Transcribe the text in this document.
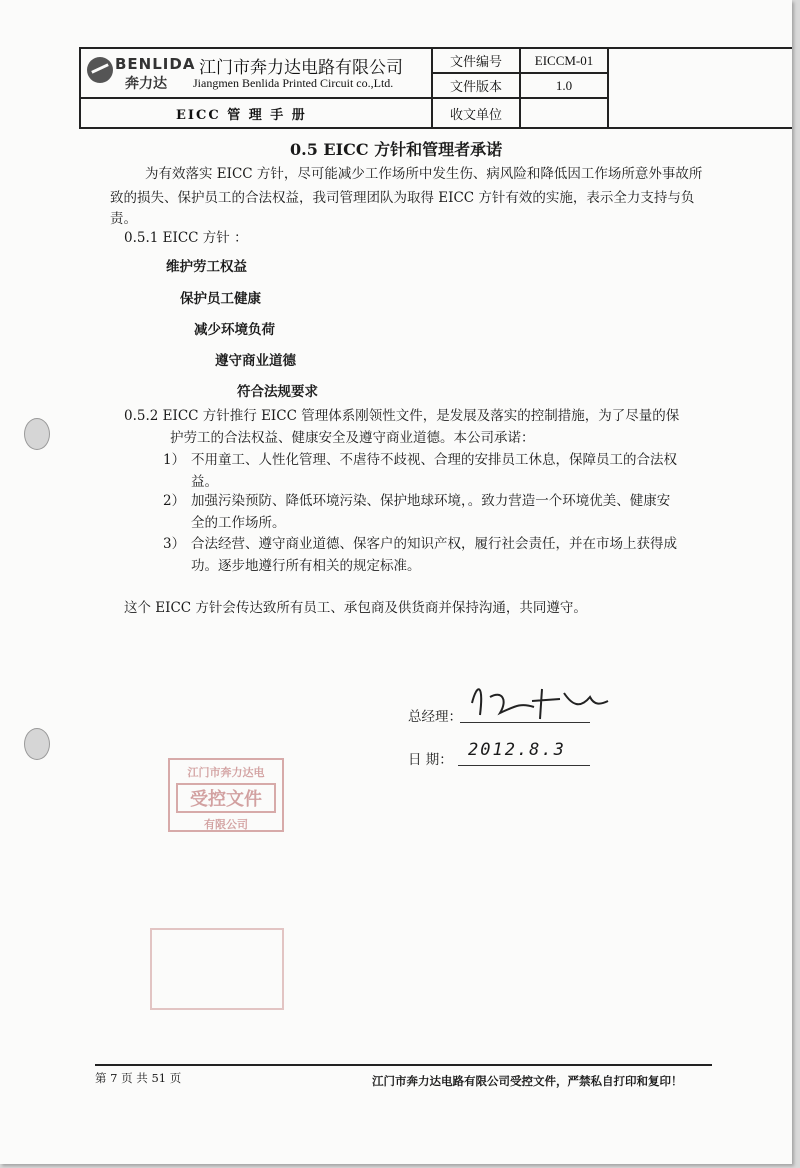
BENLIDA
奔力达
江门市奔力达电路有限公司
Jiangmen Benlida Printed Circuit co.,Ltd.	文件编号	EICCM-01	
	文件版本	1.0	
EICC 管 理 手 册	收文单位		
0.5 EICC 方针和管理者承诺
为有效落实 EICC 方针，尽可能减少工作场所中发生伤、病风险和降低因工作场所意外事故所
致的损失、保护员工的合法权益，我司管理团队为取得 EICC 方针有效的实施，表示全力支持与负
责。
0.5.1 EICC 方针 ：
维护劳工权益
保护员工健康
减少环境负荷
遵守商业道德
符合法规要求
0.5.2 EICC 方针推行 EICC 管理体系刚领性文件，是发展及落实的控制措施，为了尽量的保
护劳工的合法权益、健康安全及遵守商业道德。本公司承诺：
1） 不用童工、人性化管理、不虐待不歧视、合理的安排员工休息，保障员工的合法权
益。
2） 加强污染预防、降低环境污染、保护地球环境，。致力营造一个环境优美、健康安
全的工作场所。
3） 合法经营、遵守商业道德、保客户的知识产权，履行社会责任，并在市场上获得成
功。逐步地遵行所有相关的规定标准。
这个 EICC 方针会传达致所有员工、承包商及供货商并保持沟通，共同遵守。
总经理：
日 期： 2012.8.3
江门市奔力达电
受控文件
有限公司
第 7 页 共 51 页	江门市奔力达电路有限公司受控文件，严禁私自打印和复印！
